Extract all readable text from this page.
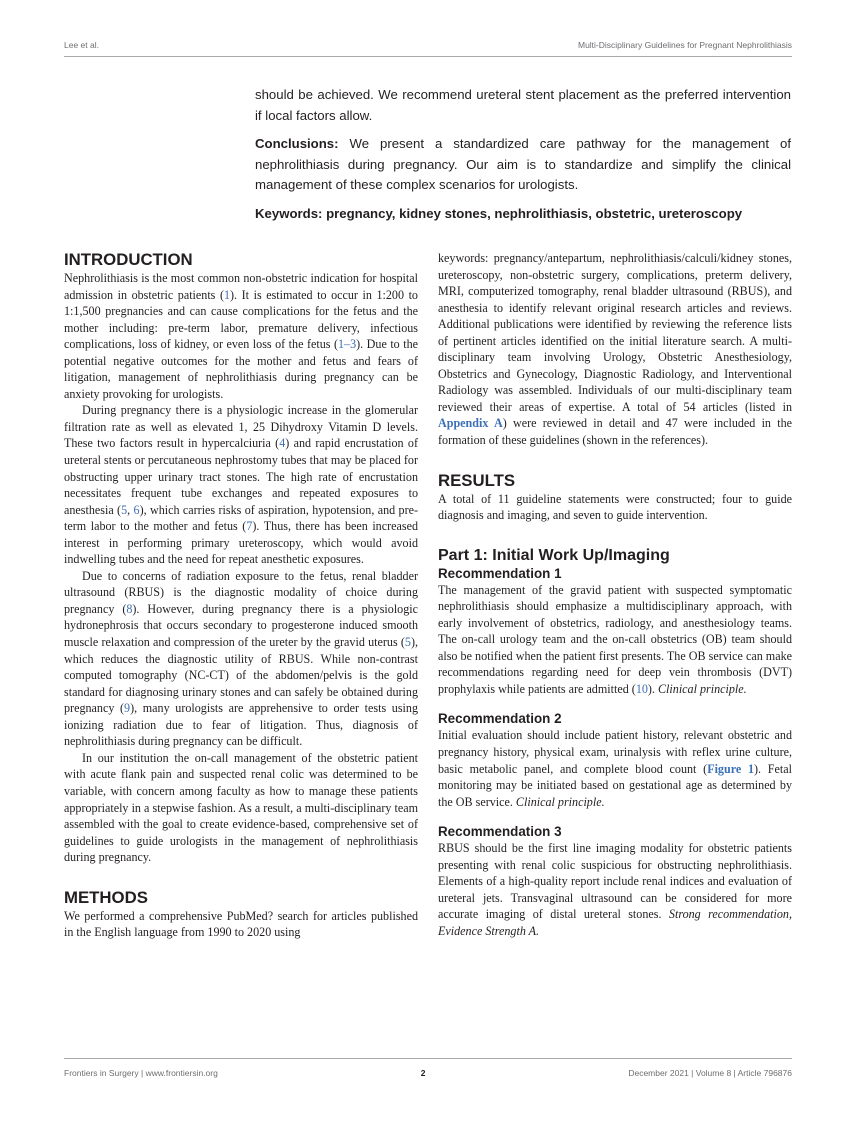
Lee et al.	Multi-Disciplinary Guidelines for Pregnant Nephrolithiasis

should be achieved. We recommend ureteral stent placement as the preferred intervention if local factors allow.

Conclusions: We present a standardized care pathway for the management of nephrolithiasis during pregnancy. Our aim is to standardize and simplify the clinical management of these complex scenarios for urologists.

Keywords: pregnancy, kidney stones, nephrolithiasis, obstetric, ureteroscopy

INTRODUCTION

Nephrolithiasis is the most common non-obstetric indication for hospital admission in obstetric patients (1). It is estimated to occur in 1:200 to 1:1,500 pregnancies and can cause complications for the fetus and the mother including: pre-term labor, premature delivery, infectious complications, loss of kidney, or even loss of the fetus (1–3). Due to the potential negative outcomes for the mother and fetus and fears of litigation, management of nephrolithiasis during pregnancy can be anxiety provoking for urologists.

During pregnancy there is a physiologic increase in the glomerular filtration rate as well as elevated 1, 25 Dihydroxy Vitamin D levels. These two factors result in hypercalciuria (4) and rapid encrustation of ureteral stents or percutaneous nephrostomy tubes that may be placed for obstructing upper urinary tract stones. The high rate of encrustation necessitates frequent tube exchanges and repeated exposures to anesthesia (5, 6), which carries risks of aspiration, hypotension, and pre-term labor to the mother and fetus (7). Thus, there has been increased interest in performing primary ureteroscopy, which would avoid indwelling tubes and the need for repeat anesthetic exposures.

Due to concerns of radiation exposure to the fetus, renal bladder ultrasound (RBUS) is the diagnostic modality of choice during pregnancy (8). However, during pregnancy there is a physiologic hydronephrosis that occurs secondary to progesterone induced smooth muscle relaxation and compression of the ureter by the gravid uterus (5), which reduces the diagnostic utility of RBUS. While non-contrast computed tomography (NC-CT) of the abdomen/pelvis is the gold standard for diagnosing urinary stones and can safely be obtained during pregnancy (9), many urologists are apprehensive to order tests using ionizing radiation due to fear of litigation. Thus, diagnosis of nephrolithiasis during pregnancy can be difficult.

In our institution the on-call management of the obstetric patient with acute flank pain and suspected renal colic was determined to be variable, with concern among faculty as how to manage these patients appropriately in a stepwise fashion. As a result, a multi-disciplinary team assembled with the goal to create evidence-based, comprehensive set of guidelines to guide urologists in the management of nephrolithiasis during pregnancy.

METHODS

We performed a comprehensive PubMed? search for articles published in the English language from 1990 to 2020 using

keywords: pregnancy/antepartum, nephrolithiasis/calculi/kidney stones, ureteroscopy, non-obstetric surgery, complications, preterm delivery, MRI, computerized tomography, renal bladder ultrasound (RBUS), and anesthesia to identify relevant original research articles and reviews. Additional publications were identified by reviewing the reference lists of pertinent articles identified on the initial literature search. A multi-disciplinary team involving Urology, Obstetric Anesthesiology, Obstetrics and Gynecology, Diagnostic Radiology, and Interventional Radiology was assembled. Individuals of our multi-disciplinary team reviewed their areas of expertise. A total of 54 articles (listed in Appendix A) were reviewed in detail and 47 were included in the formation of these guidelines (shown in the references).

RESULTS

A total of 11 guideline statements were constructed; four to guide diagnosis and imaging, and seven to guide intervention.

Part 1: Initial Work Up/Imaging
Recommendation 1

The management of the gravid patient with suspected symptomatic nephrolithiasis should emphasize a multidisciplinary approach, with early involvement of obstetrics, radiology, and anesthesiology teams. The on-call urology team and the on-call obstetrics (OB) team should also be notified when the patient first presents. The OB service can make recommendations regarding need for deep vein thrombosis (DVT) prophylaxis while patients are admitted (10). Clinical principle.

Recommendation 2

Initial evaluation should include patient history, relevant obstetric and pregnancy history, physical exam, urinalysis with reflex urine culture, basic metabolic panel, and complete blood count (Figure 1). Fetal monitoring may be initiated based on gestational age as determined by the OB service. Clinical principle.

Recommendation 3

RBUS should be the first line imaging modality for obstetric patients presenting with renal colic suspicious for obstructing nephrolithiasis. Elements of a high-quality report include renal indices and evaluation of ureteral jets. Transvaginal ultrasound can be considered for more accurate imaging of distal ureteral stones. Strong recommendation, Evidence Strength A.

Frontiers in Surgery | www.frontiersin.org	2	December 2021 | Volume 8 | Article 796876
